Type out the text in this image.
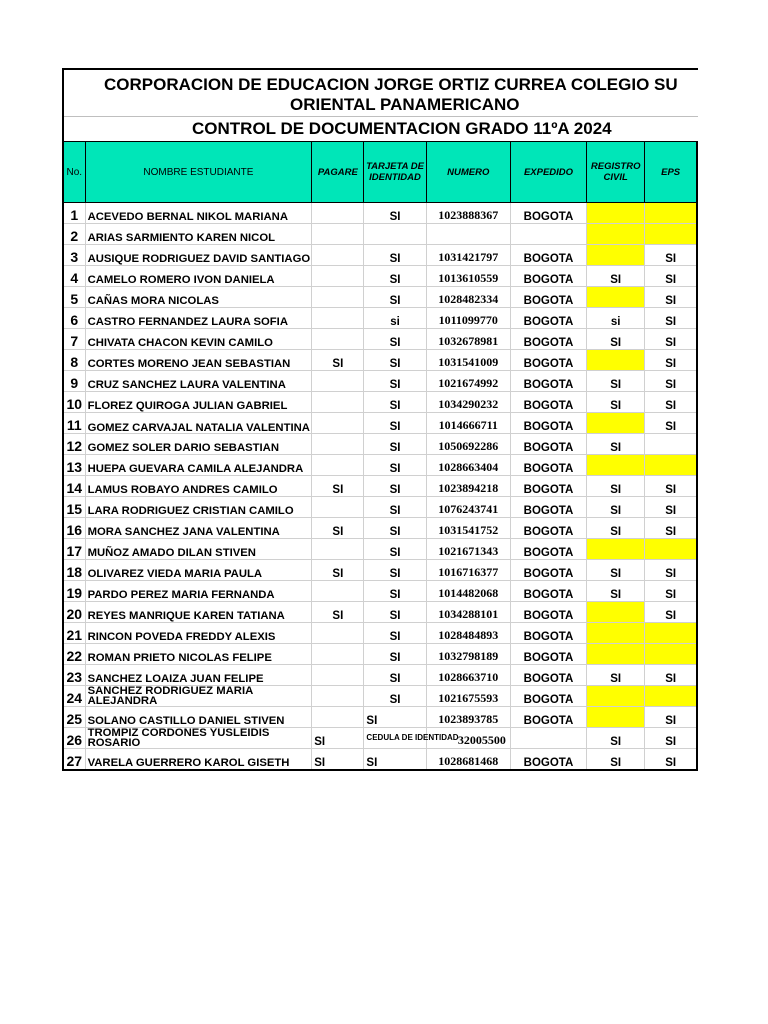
CORPORACION DE EDUCACION JORGE ORTIZ CURREA COLEGIO SU
ORIENTAL PANAMERICANO
CONTROL DE DOCUMENTACION GRADO 11ºA 2024
No.	NOMBRE ESTUDIANTE	PAGARE	TARJETA DE IDENTIDAD	NUMERO	EXPEDIDO	REGISTRO CIVIL	EPS
1	ACEVEDO BERNAL NIKOL MARIANA		SI	1023888367	BOGOTA		
2	ARIAS SARMIENTO KAREN NICOL						
3	AUSIQUE RODRIGUEZ DAVID SANTIAGO		SI	1031421797	BOGOTA		SI
4	CAMELO ROMERO IVON DANIELA		SI	1013610559	BOGOTA	SI	SI
5	CAÑAS MORA NICOLAS		SI	1028482334	BOGOTA		SI
6	CASTRO FERNANDEZ LAURA SOFIA		si	1011099770	BOGOTA	si	SI
7	CHIVATA CHACON KEVIN CAMILO		SI	1032678981	BOGOTA	SI	SI
8	CORTES MORENO JEAN SEBASTIAN	SI	SI	1031541009	BOGOTA		SI
9	CRUZ SANCHEZ LAURA VALENTINA		SI	1021674992	BOGOTA	SI	SI
10	FLOREZ QUIROGA JULIAN GABRIEL		SI	1034290232	BOGOTA	SI	SI
11	GOMEZ CARVAJAL NATALIA VALENTINA		SI	1014666711	BOGOTA		SI
12	GOMEZ SOLER DARIO SEBASTIAN		SI	1050692286	BOGOTA	SI	
13	HUEPA GUEVARA CAMILA ALEJANDRA		SI	1028663404	BOGOTA		
14	LAMUS ROBAYO ANDRES CAMILO	SI	SI	1023894218	BOGOTA	SI	SI
15	LARA RODRIGUEZ CRISTIAN CAMILO		SI	1076243741	BOGOTA	SI	SI
16	MORA SANCHEZ JANA VALENTINA	SI	SI	1031541752	BOGOTA	SI	SI
17	MUÑOZ AMADO DILAN STIVEN		SI	1021671343	BOGOTA		
18	OLIVAREZ VIEDA MARIA PAULA	SI	SI	1016716377	BOGOTA	SI	SI
19	PARDO PEREZ MARIA FERNANDA		SI	1014482068	BOGOTA	SI	SI
20	REYES MANRIQUE KAREN TATIANA	SI	SI	1034288101	BOGOTA		SI
21	RINCON POVEDA FREDDY ALEXIS		SI	1028484893	BOGOTA		
22	ROMAN PRIETO NICOLAS FELIPE		SI	1032798189	BOGOTA		
23	SANCHEZ LOAIZA JUAN FELIPE		SI	1028663710	BOGOTA	SI	SI
24	SANCHEZ RODRIGUEZ MARIA ALEJANDRA		SI	1021675593	BOGOTA		
25	SOLANO CASTILLO DANIEL STIVEN		SI	1023893785	BOGOTA		SI
26	TROMPIZ CORDONES YUSLEIDIS ROSARIO	SI	CEDULA DE IDENTIDAD	32005500		SI	SI
27	VARELA GUERRERO KAROL GISETH	SI	SI	1028681468	BOGOTA	SI	SI
